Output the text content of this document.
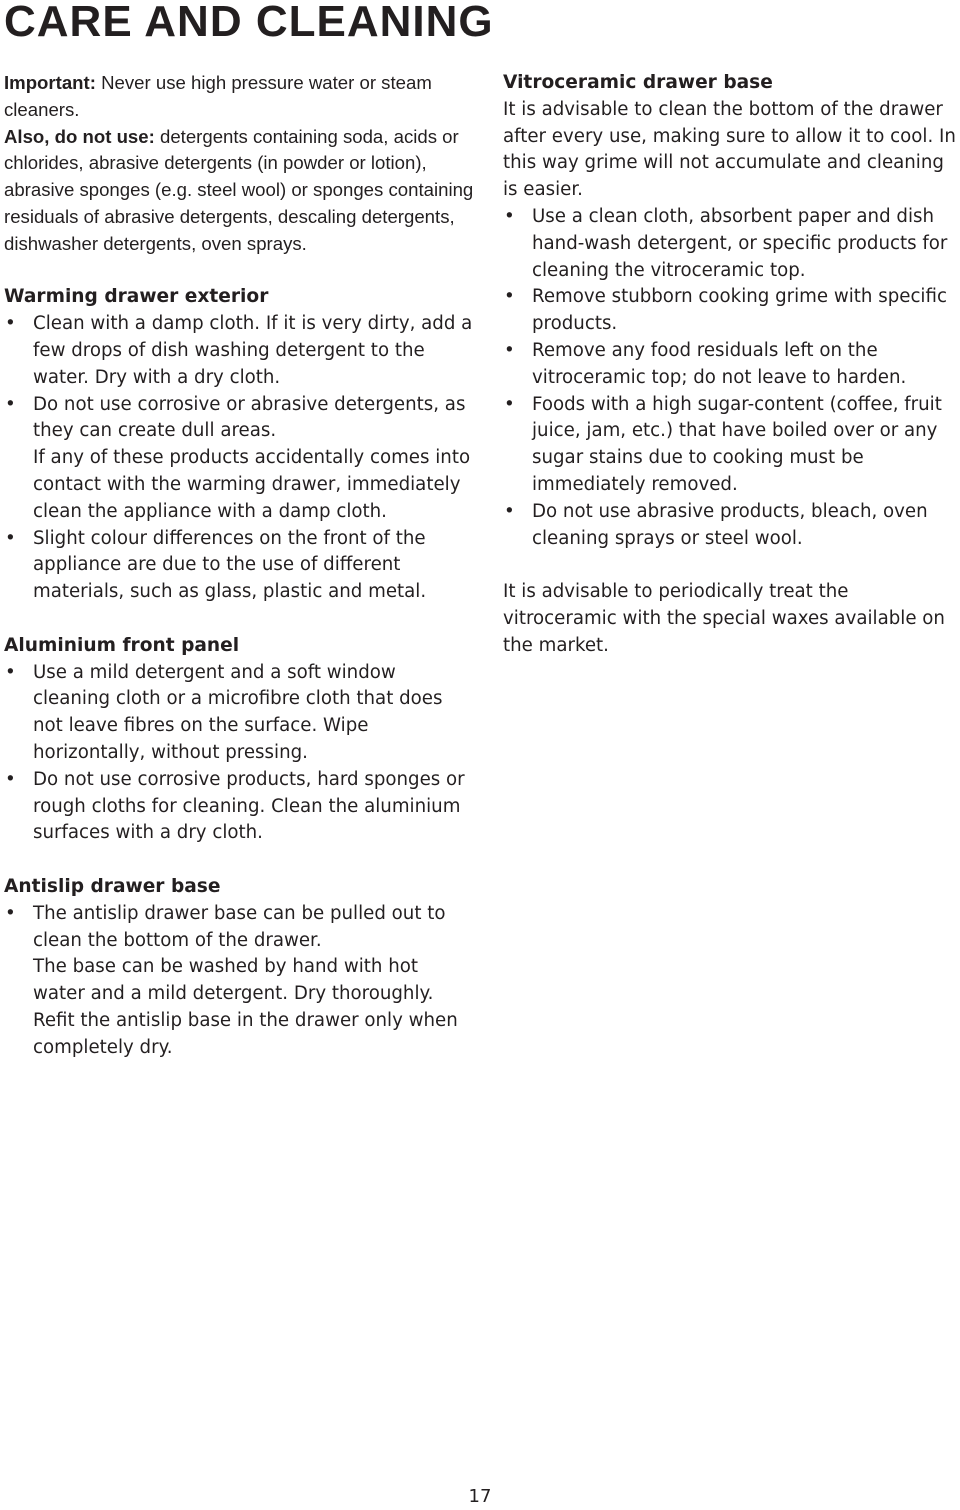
CARE AND CLEANING

Important: Never use high pressure water or steam cleaners.

Also, do not use: detergents containing soda, acids or chlorides, abrasive detergents (in powder or lotion), abrasive sponges (e.g. steel wool) or sponges containing residuals of abrasive detergents, descaling detergents, dishwasher detergents, oven sprays.

Warming drawer exterior
• Clean with a damp cloth. If it is very dirty, add a few drops of dish washing detergent to the water. Dry with a dry cloth.
• Do not use corrosive or abrasive detergents, as they can create dull areas.

If any of these products accidentally comes into contact with the warming drawer, immediately clean the appliance with a damp cloth.

• Slight colour differences on the front of the appliance are due to the use of different materials, such as glass, plastic and metal.
Aluminium front panel
• Use a mild detergent and a soft window cleaning cloth or a microfibre cloth that does not leave fibres on the surface. Wipe horizontally, without pressing.
• Do not use corrosive products, hard sponges or rough cloths for cleaning. Clean the aluminium surfaces with a dry cloth.
Antislip drawer base
• The antislip drawer base can be pulled out to clean the bottom of the drawer.

The base can be washed by hand with hot water and a mild detergent. Dry thoroughly.

Refit the antislip base in the drawer only when completely dry.

Vitroceramic drawer base

It is advisable to clean the bottom of the drawer after every use, making sure to allow it to cool. In this way grime will not accumulate and cleaning is easier.

• Use a clean cloth, absorbent paper and dish hand-wash detergent, or specific products for cleaning the vitroceramic top.
• Remove stubborn cooking grime with specific products.
• Remove any food residuals left on the vitroceramic top; do not leave to harden.
• Foods with a high sugar-content (coffee, fruit juice, jam, etc.) that have boiled over or any sugar stains due to cooking must be immediately removed.
• Do not use abrasive products, bleach, oven cleaning sprays or steel wool.

It is advisable to periodically treat the vitroceramic with the special waxes available on the market.

17
